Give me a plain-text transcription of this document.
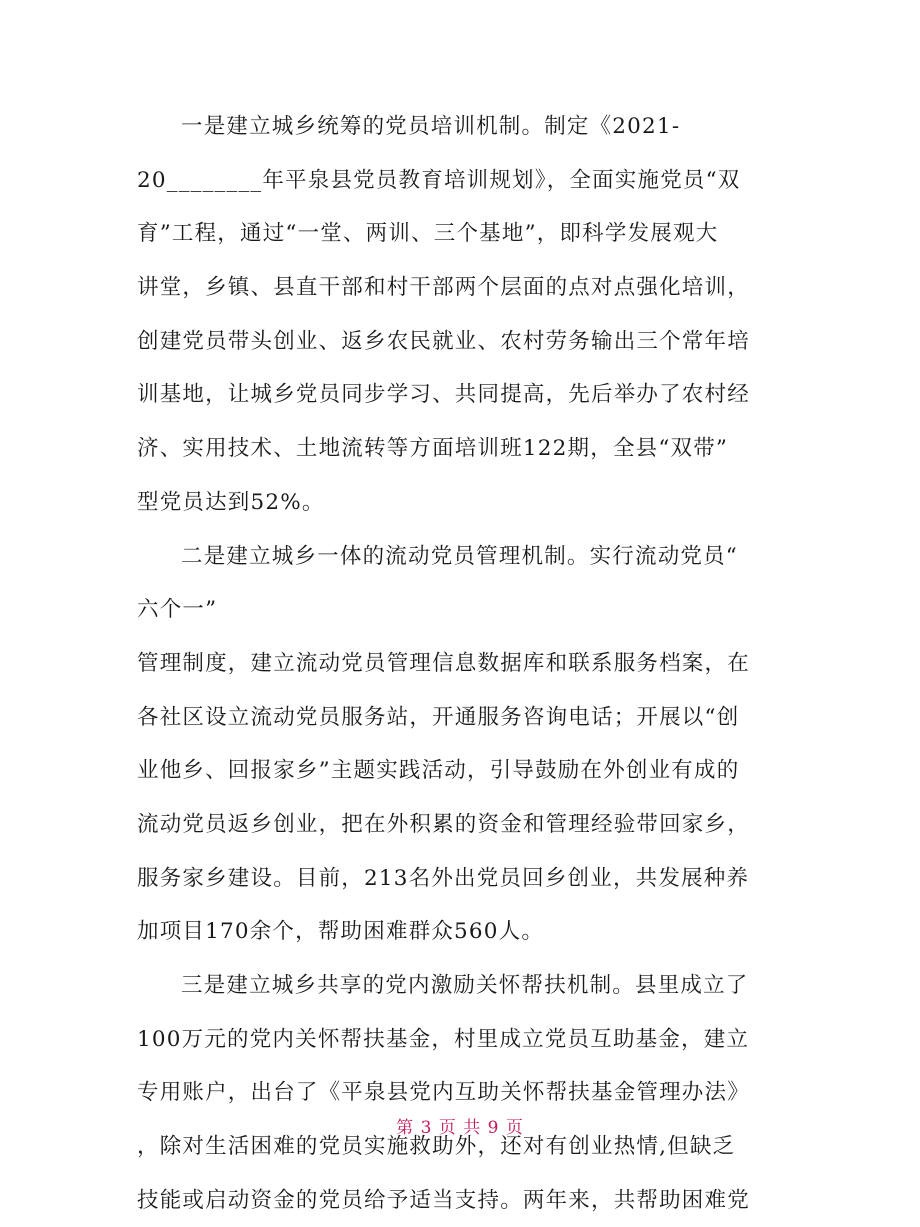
一是建立城乡统筹的党员培训机制。制定《2021-
20________年平泉县党员教育培训规划》，全面实施党员“双
育”工程，通过“一堂、两训、三个基地”，即科学发展观大
讲堂，乡镇、县直干部和村干部两个层面的点对点强化培训，
创建党员带头创业、返乡农民就业、农村劳务输出三个常年培
训基地，让城乡党员同步学习、共同提高，先后举办了农村经
济、实用技术、土地流转等方面培训班122期，全县“双带”
型党员达到52%。
二是建立城乡一体的流动党员管理机制。实行流动党员“
六个一”
管理制度，建立流动党员管理信息数据库和联系服务档案，在
各社区设立流动党员服务站，开通服务咨询电话；开展以“创
业他乡、回报家乡”主题实践活动，引导鼓励在外创业有成的
流动党员返乡创业，把在外积累的资金和管理经验带回家乡，
服务家乡建设。目前，213名外出党员回乡创业，共发展种养
加项目170余个，帮助困难群众560人。
三是建立城乡共享的党内激励关怀帮扶机制。县里成立了
100万元的党内关怀帮扶基金，村里成立党员互助基金，建立
专用账户，出台了《平泉县党内互助关怀帮扶基金管理办法》
，除对生活困难的党员实施救助外，还对有创业热情,但缺乏
技能或启动资金的党员给予适当支持。两年来，共帮助困难党
第 3 页 共 9 页
